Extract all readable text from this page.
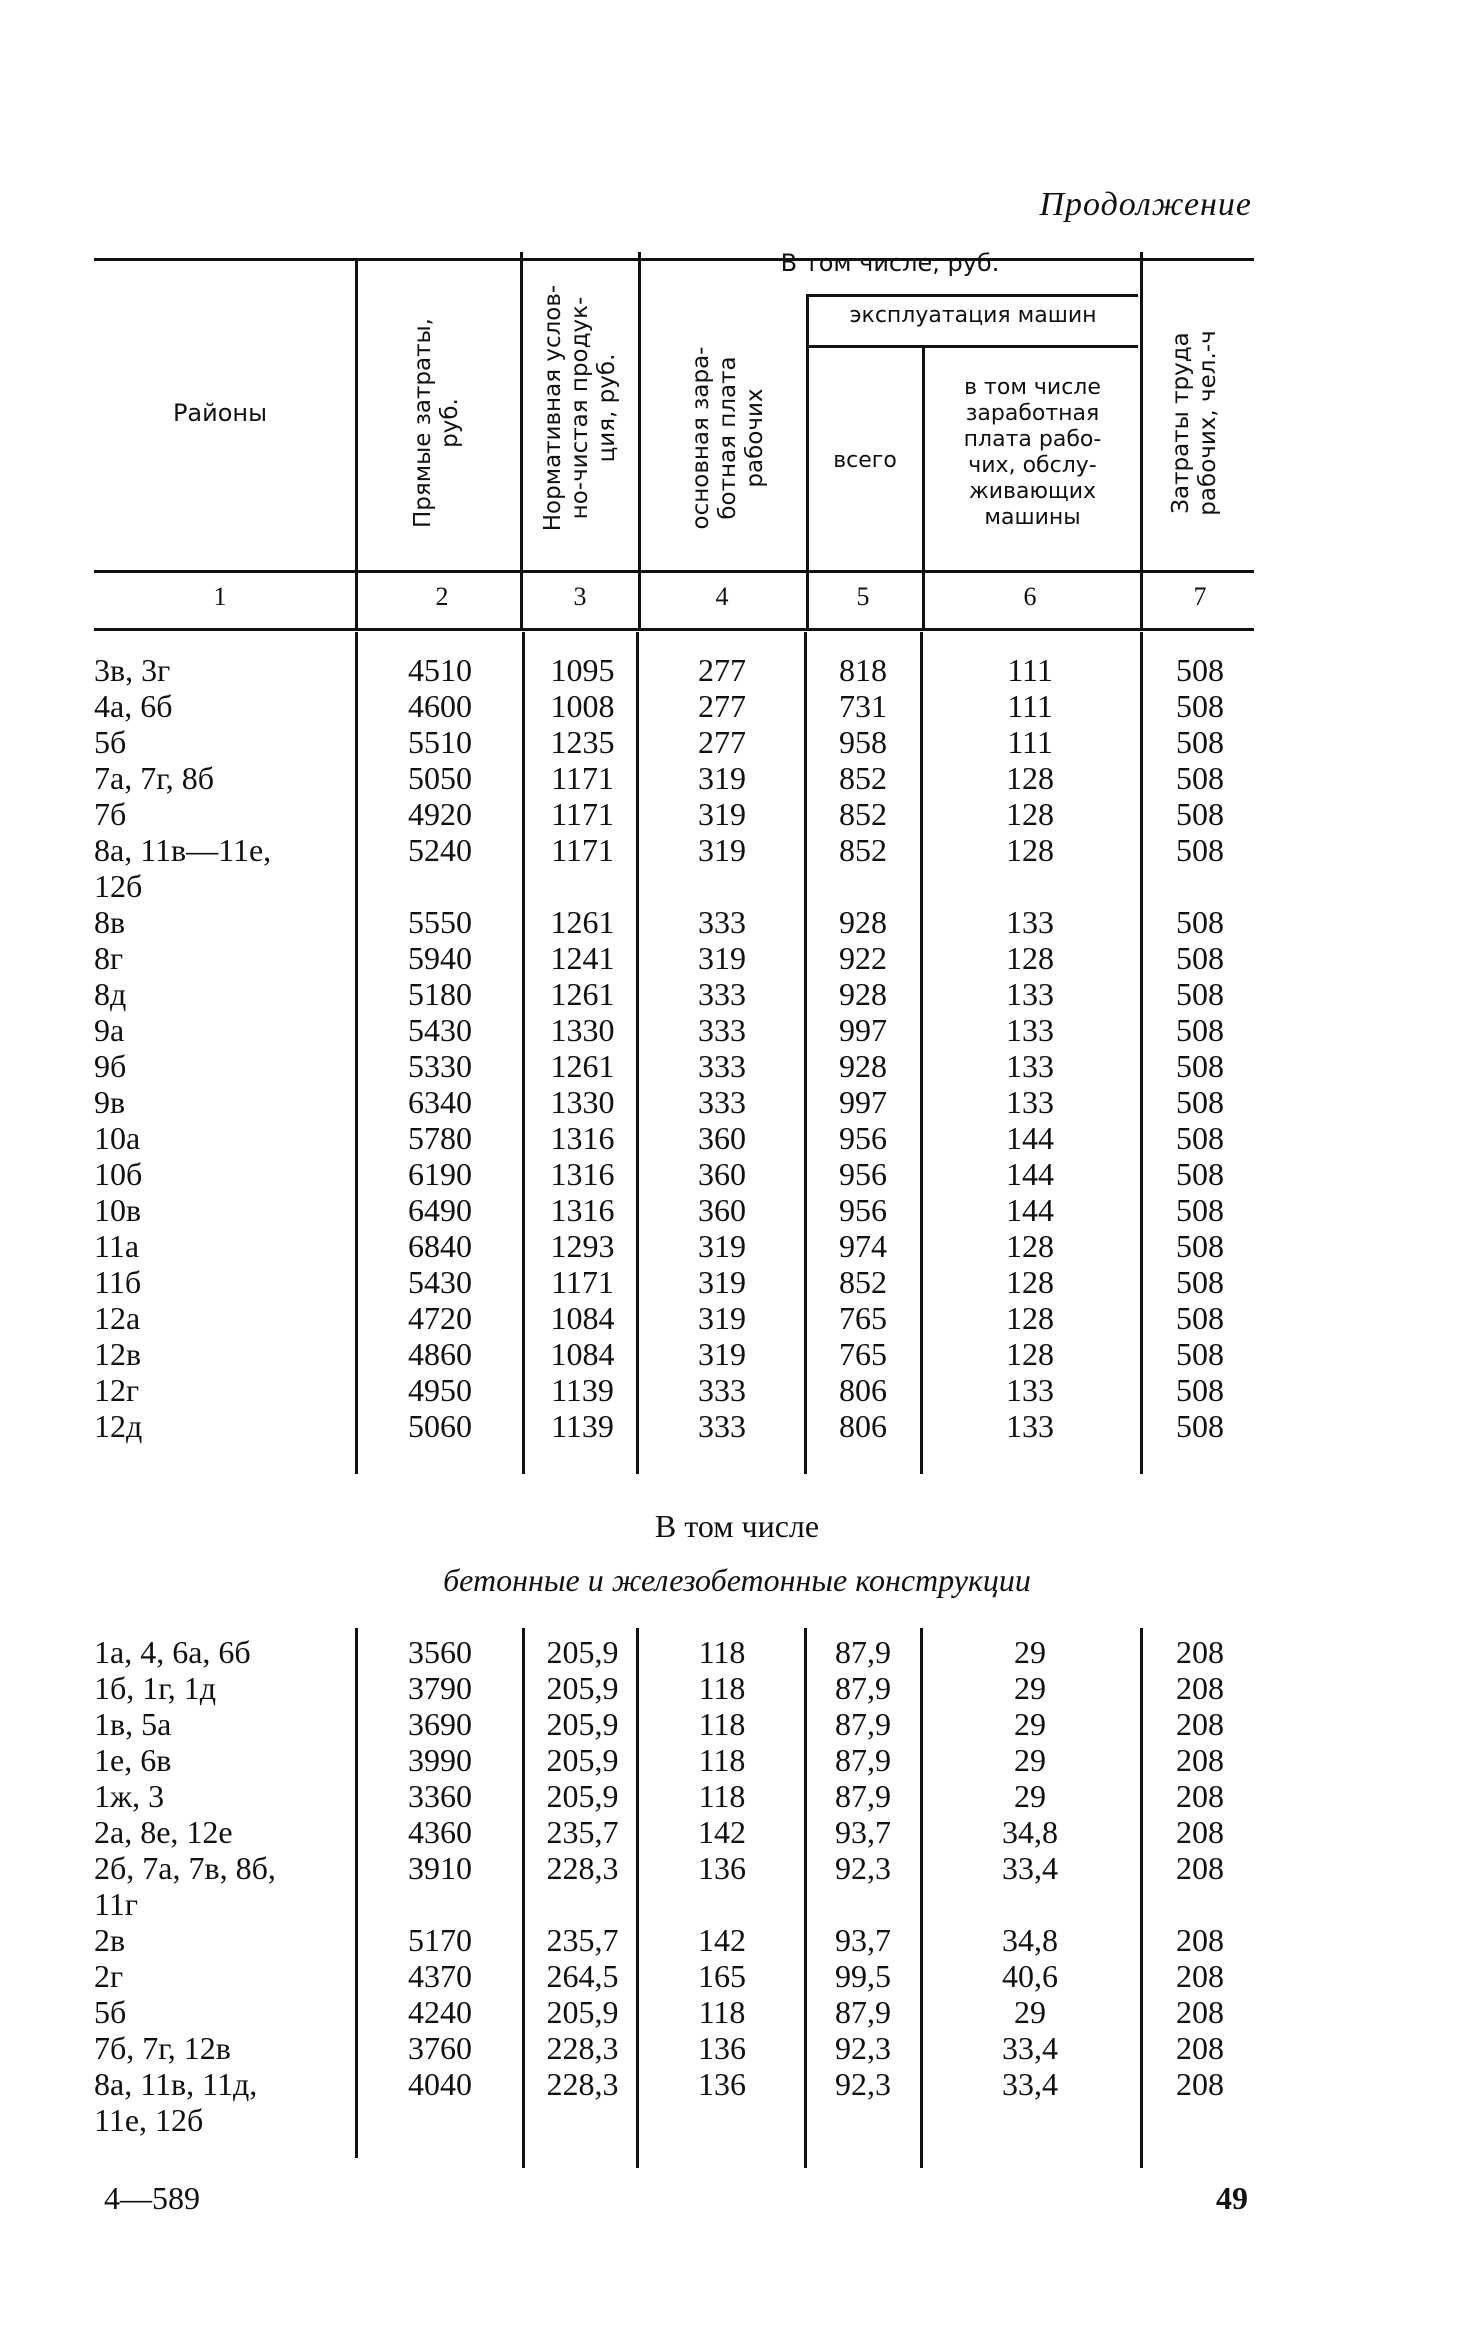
Продолжение
Районы
Прямые затраты,
руб.	Нормативная услов-
но-чистая продук-
ция, руб.
основная зара-
ботная плата
рабочих	Затраты труда
рабочих, чел.-ч
В том числе, руб.
эксплуатация машин
всего
в том числе
заработная
плата рабо-
чих, обслу-
живающих
машины
1	2	3	4	5	6	7
3в, 3г	4510	1095	277	818	111	508
4а, 6б	4600	1008	277	731	111	508
5б	5510	1235	277	958	111	508
7а, 7г, 8б	5050	1171	319	852	128	508
7б	4920	1171	319	852	128	508
8а, 11в—11е,	5240	1171	319	852	128	508
12б
8в	5550	1261	333	928	133	508
8г	5940	1241	319	922	128	508
8д	5180	1261	333	928	133	508
9а	5430	1330	333	997	133	508
9б	5330	1261	333	928	133	508
9в	6340	1330	333	997	133	508
10а	5780	1316	360	956	144	508
10б	6190	1316	360	956	144	508
10в	6490	1316	360	956	144	508
11а	6840	1293	319	974	128	508
11б	5430	1171	319	852	128	508
12а	4720	1084	319	765	128	508
12в	4860	1084	319	765	128	508
12г	4950	1139	333	806	133	508
12д	5060	1139	333	806	133	508
В том числе
бетонные и железобетонные конструкции
1а, 4, 6а, 6б	3560	205,9	118	87,9	29	208
1б, 1г, 1д	3790	205,9	118	87,9	29	208
1в, 5а	3690	205,9	118	87,9	29	208
1е, 6в	3990	205,9	118	87,9	29	208
1ж, 3	3360	205,9	118	87,9	29	208
2а, 8е, 12е	4360	235,7	142	93,7	34,8	208
2б, 7а, 7в, 8б,	3910	228,3	136	92,3	33,4	208
11г
2в	5170	235,7	142	93,7	34,8	208
2г	4370	264,5	165	99,5	40,6	208
5б	4240	205,9	118	87,9	29	208
7б, 7г, 12в	3760	228,3	136	92,3	33,4	208
8а, 11в, 11д,	4040	228,3	136	92,3	33,4	208
11е, 12б
4—589	49
